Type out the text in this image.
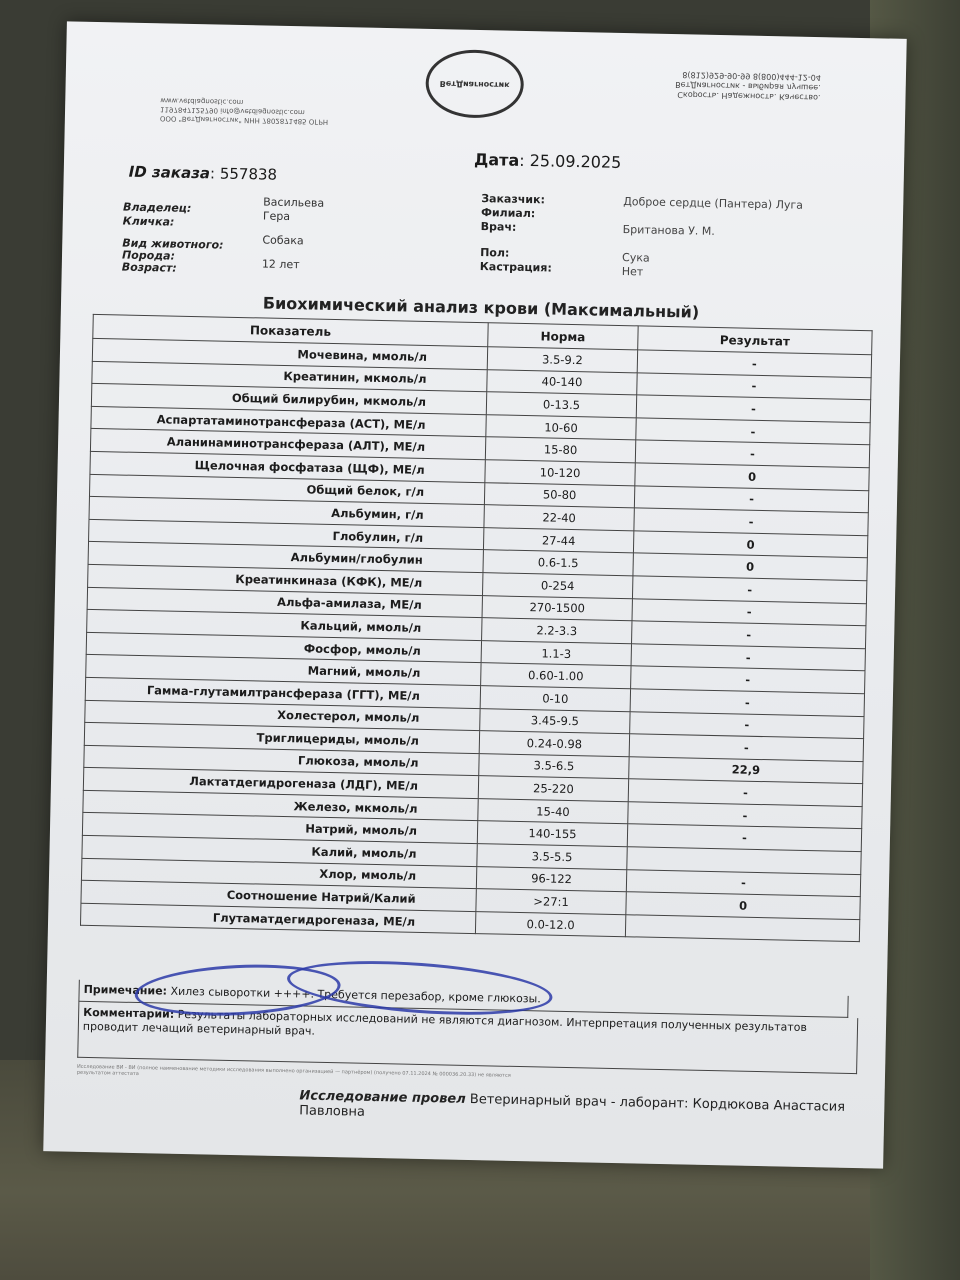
ООО "ВетДиагностик" ИНН 7802871485 ОГРН 1197847125790 info@vetdiagnostic.com www.vetdiagnostic.com
ВетДиагностик
Скорость. Надежность. Качество. ВетДиагностик - выбирая лучшее.
8(812)929-90-99 8(800)444-12-04
ID заказа: 557838
Дата: 25.09.2025
Владелец:	Васильева
Кличка:	Гера
Вид животного:	Собака
Порода:
Возраст:	12 лет
Заказчик:	Доброе сердце (Пантера) Луга
Филиал:
Врач:	Британова У. М.
Пол:	Сука
Кастрация:	Нет
Биохимический анализ крови (Максимальный)
Показатель	Норма	Результат
Мочевина, ммоль/л	3.5-9.2	-
Креатинин, мкмоль/л	40-140	-
Общий билирубин, мкмоль/л	0-13.5	-
Аспартатаминотрансфераза (АСТ), МЕ/л	10-60	-
Аланинаминотрансфераза (АЛТ), МЕ/л	15-80	-
Щелочная фосфатаза (ЩФ), МЕ/л	10-120	0
Общий белок, г/л	50-80	-
Альбумин, г/л	22-40	-
Глобулин, г/л	27-44	0
Альбумин/глобулин	0.6-1.5	0
Креатинкиназа (КФК), МЕ/л	0-254	-
Альфа-амилаза, МЕ/л	270-1500	-
Кальций, ммоль/л	2.2-3.3	-
Фосфор, ммоль/л	1.1-3	-
Магний, ммоль/л	0.60-1.00	-
Гамма-глутамилтрансфераза (ГГТ), МЕ/л	0-10	-
Холестерол, ммоль/л	3.45-9.5	-
Триглицериды, ммоль/л	0.24-0.98	-
Глюкоза, ммоль/л	3.5-6.5	22,9
Лактатдегидрогеназа (ЛДГ), МЕ/л	25-220	-
Железо, мкмоль/л	15-40	-
Натрий, ммоль/л	140-155	-
Калий, ммоль/л	3.5-5.5	
Хлор, ммоль/л	96-122	-
Соотношение Натрий/Калий	>27:1	0
Глутаматдегидрогеназа, МЕ/л	0.0-12.0	
Примечание: Хилез сыворотки ++++. Требуется перезабор, кроме глюкозы.
Комментарии: Результаты лабораторных исследований не являются диагнозом. Интерпретация полученных результатов проводит лечащий ветеринарный врач.
Исследование ВИ - ВИ (полное наименование методики исследования выполнено организацией — партнёром) (получено 07.11.2024 № 000036.20.33) не являются результатом аттестата
Исследование провел Ветеринарный врач - лаборант: Кордюкова Анастасия Павловна
